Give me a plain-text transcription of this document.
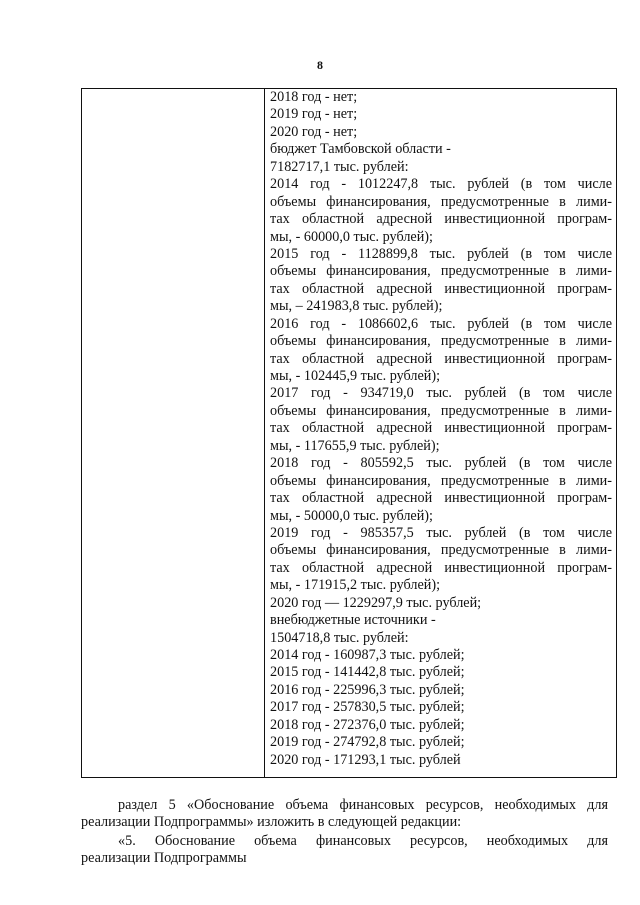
8
2018 год - нет;
2019 год - нет;
2020 год - нет;
бюджет Тамбовской области -
7182717,1 тыс. рублей:
2014 год - 1012247,8 тыс. рублей (в том числе
объемы финансирования, предусмотренные в лими-
тах областной адресной инвестиционной програм-
мы, - 60000,0 тыс. рублей);
2015 год - 1128899,8 тыс. рублей (в том числе
объемы финансирования, предусмотренные в лими-
тах областной адресной инвестиционной програм-
мы, – 241983,8 тыс. рублей);
2016 год - 1086602,6 тыс. рублей (в том числе
объемы финансирования, предусмотренные в лими-
тах областной адресной инвестиционной програм-
мы, - 102445,9 тыс. рублей);
2017 год - 934719,0 тыс. рублей (в том числе
объемы финансирования, предусмотренные в лими-
тах областной адресной инвестиционной програм-
мы, - 117655,9 тыс. рублей);
2018 год - 805592,5 тыс. рублей (в том числе
объемы финансирования, предусмотренные в лими-
тах областной адресной инвестиционной програм-
мы, - 50000,0 тыс. рублей);
2019 год - 985357,5 тыс. рублей (в том числе
объемы финансирования, предусмотренные в лими-
тах областной адресной инвестиционной програм-
мы, - 171915,2 тыс. рублей);
2020 год — 1229297,9 тыс. рублей;
внебюджетные источники -
1504718,8 тыс. рублей:
2014 год - 160987,3 тыс. рублей;
2015 год - 141442,8 тыс. рублей;
2016 год - 225996,3 тыс. рублей;
2017 год - 257830,5 тыс. рублей;
2018 год - 272376,0 тыс. рублей;
2019 год - 274792,8 тыс. рублей;
2020 год - 171293,1 тыс. рублей
раздел 5 «Обоснование объема финансовых ресурсов, необходимых для
реализации Подпрограммы» изложить в следующей редакции:
«5. Обоснование объема финансовых ресурсов, необходимых для
реализации Подпрограммы
